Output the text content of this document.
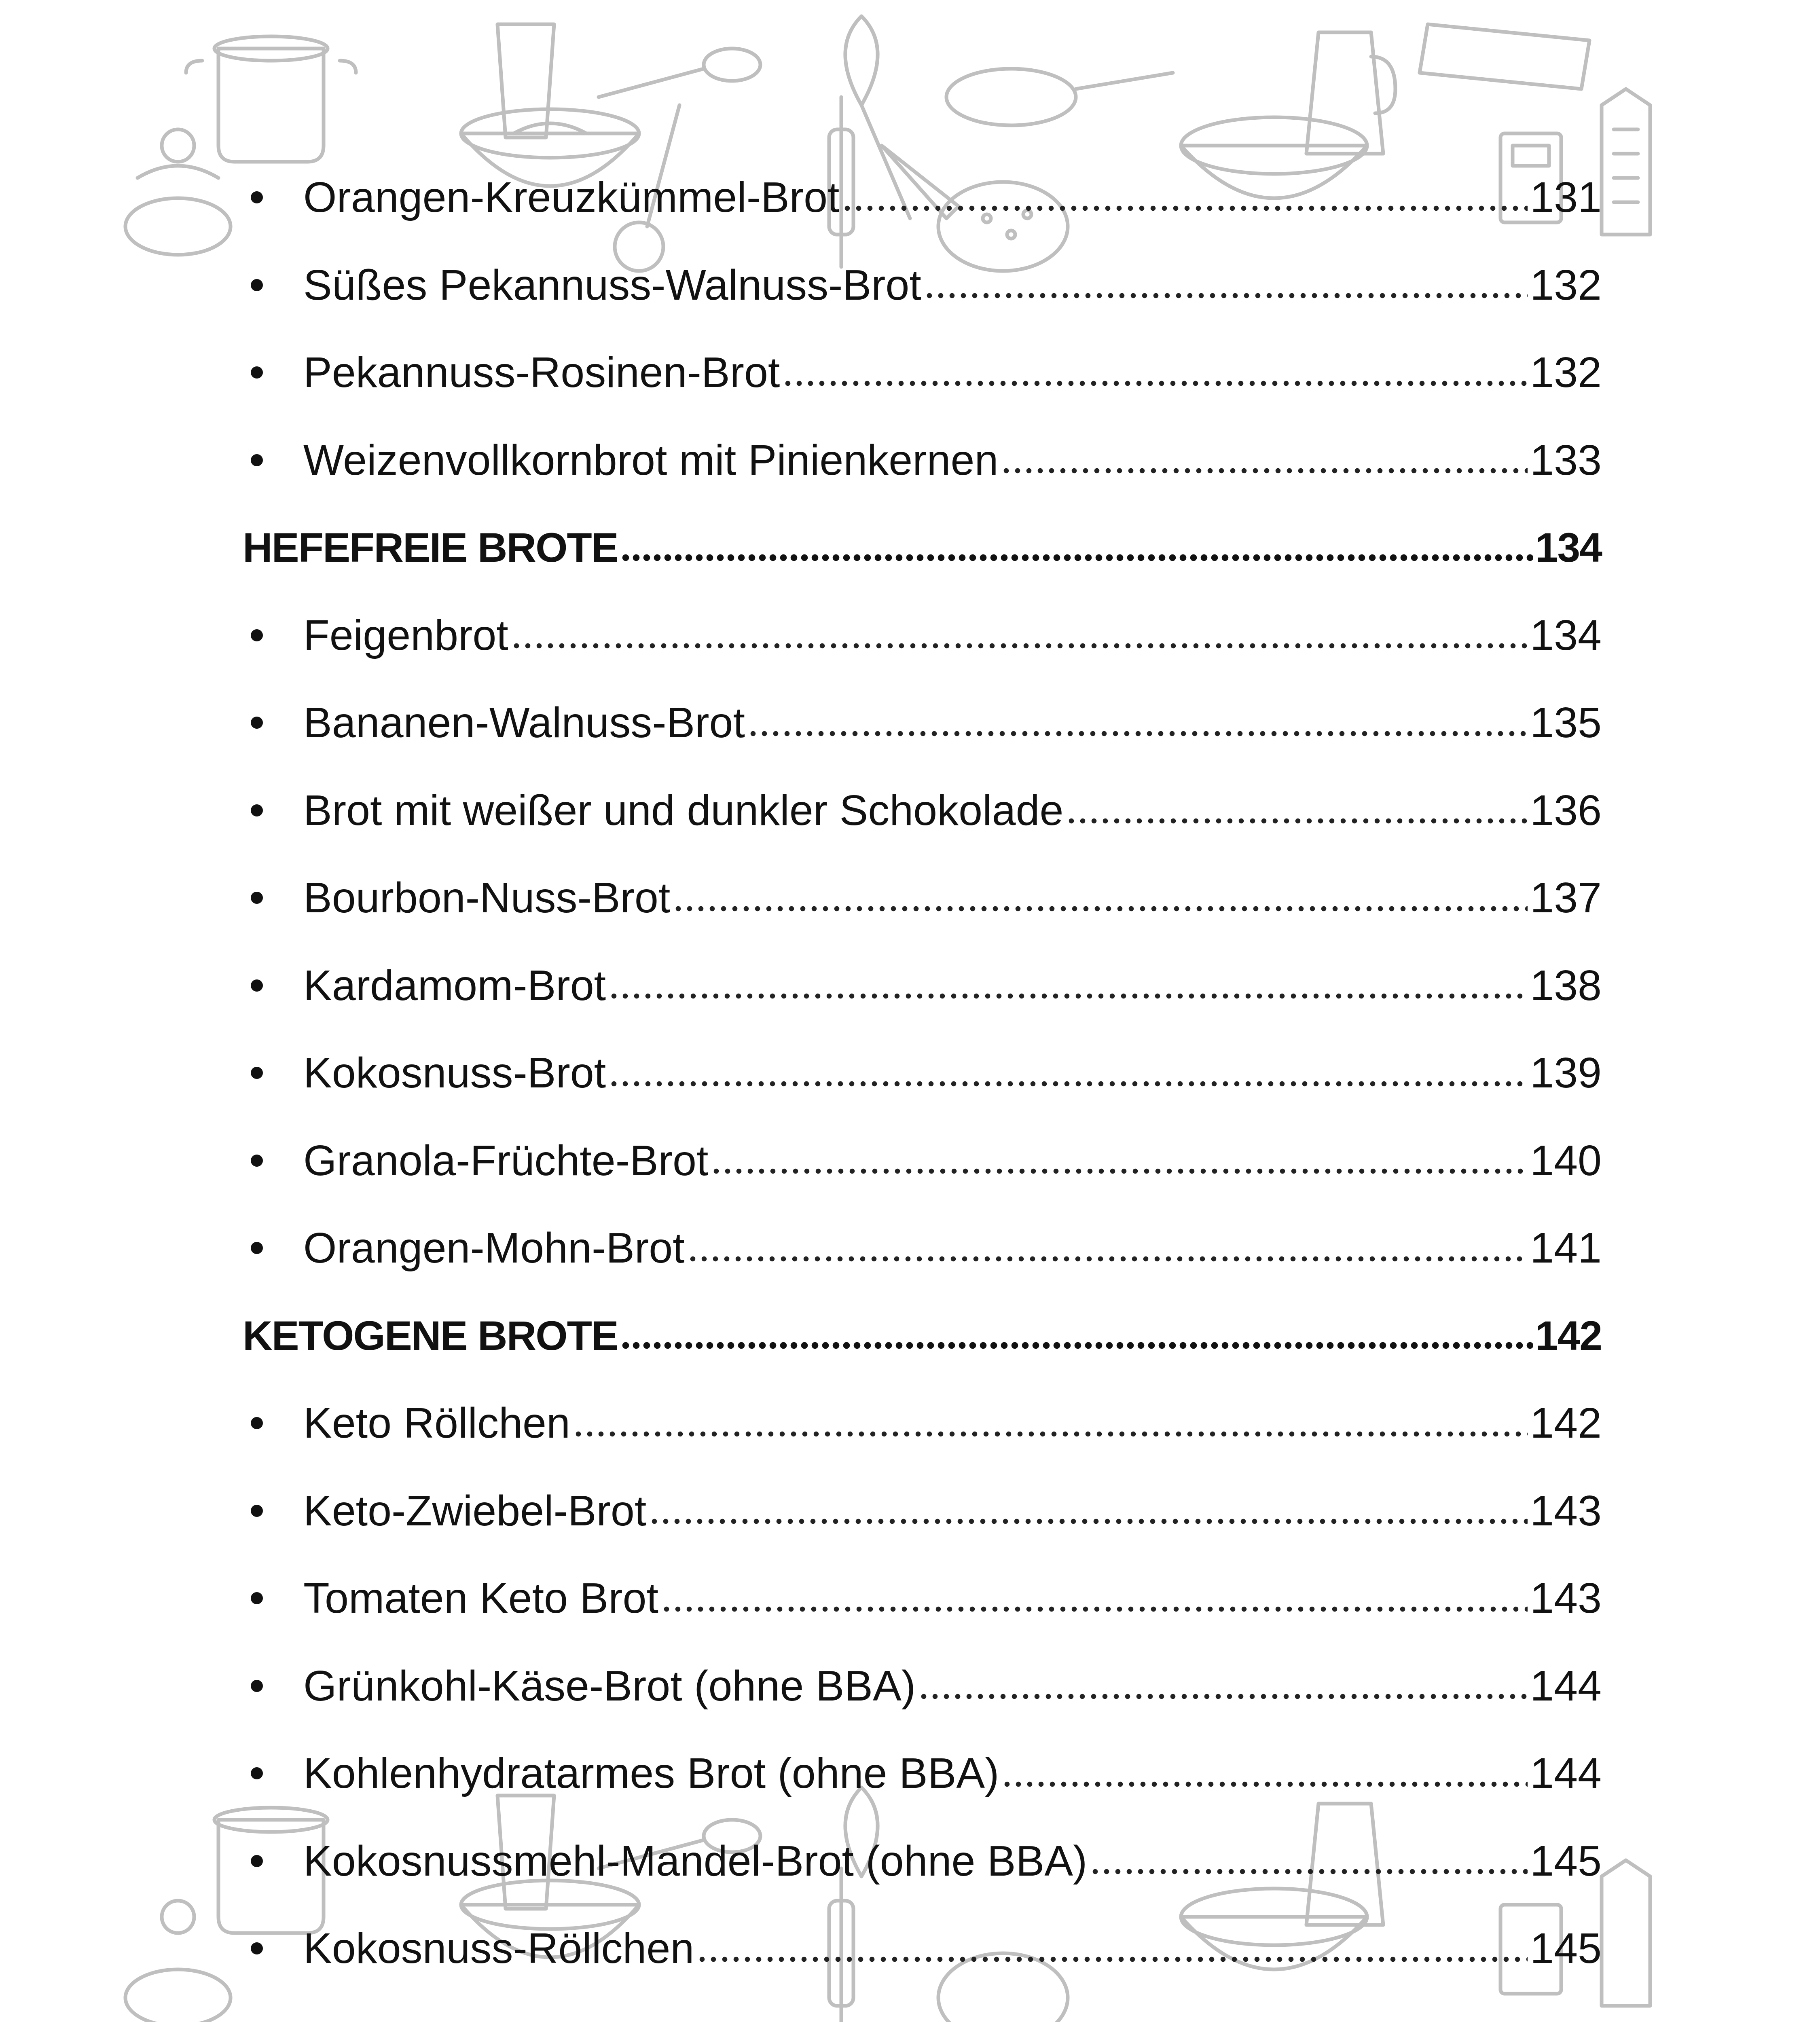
Orangen-Kreuzkümmel-Brot	131
Süßes Pekannuss-Walnuss-Brot	132
Pekannuss-Rosinen-Brot	132
Weizenvollkornbrot mit Pinienkernen	133
HEFEFREIE BROTE	134
Feigenbrot	134
Bananen-Walnuss-Brot	135
Brot mit weißer und dunkler Schokolade	136
Bourbon-Nuss-Brot	137
Kardamom-Brot	138
Kokosnuss-Brot	139
Granola-Früchte-Brot	140
Orangen-Mohn-Brot	141
KETOGENE BROTE	142
Keto Röllchen	142
Keto-Zwiebel-Brot	143
Tomaten Keto Brot	143
Grünkohl-Käse-Brot (ohne BBA)	144
Kohlenhydratarmes Brot (ohne BBA)	144
Kokosnussmehl-Mandel-Brot (ohne BBA)	145
Kokosnuss-Röllchen	145
